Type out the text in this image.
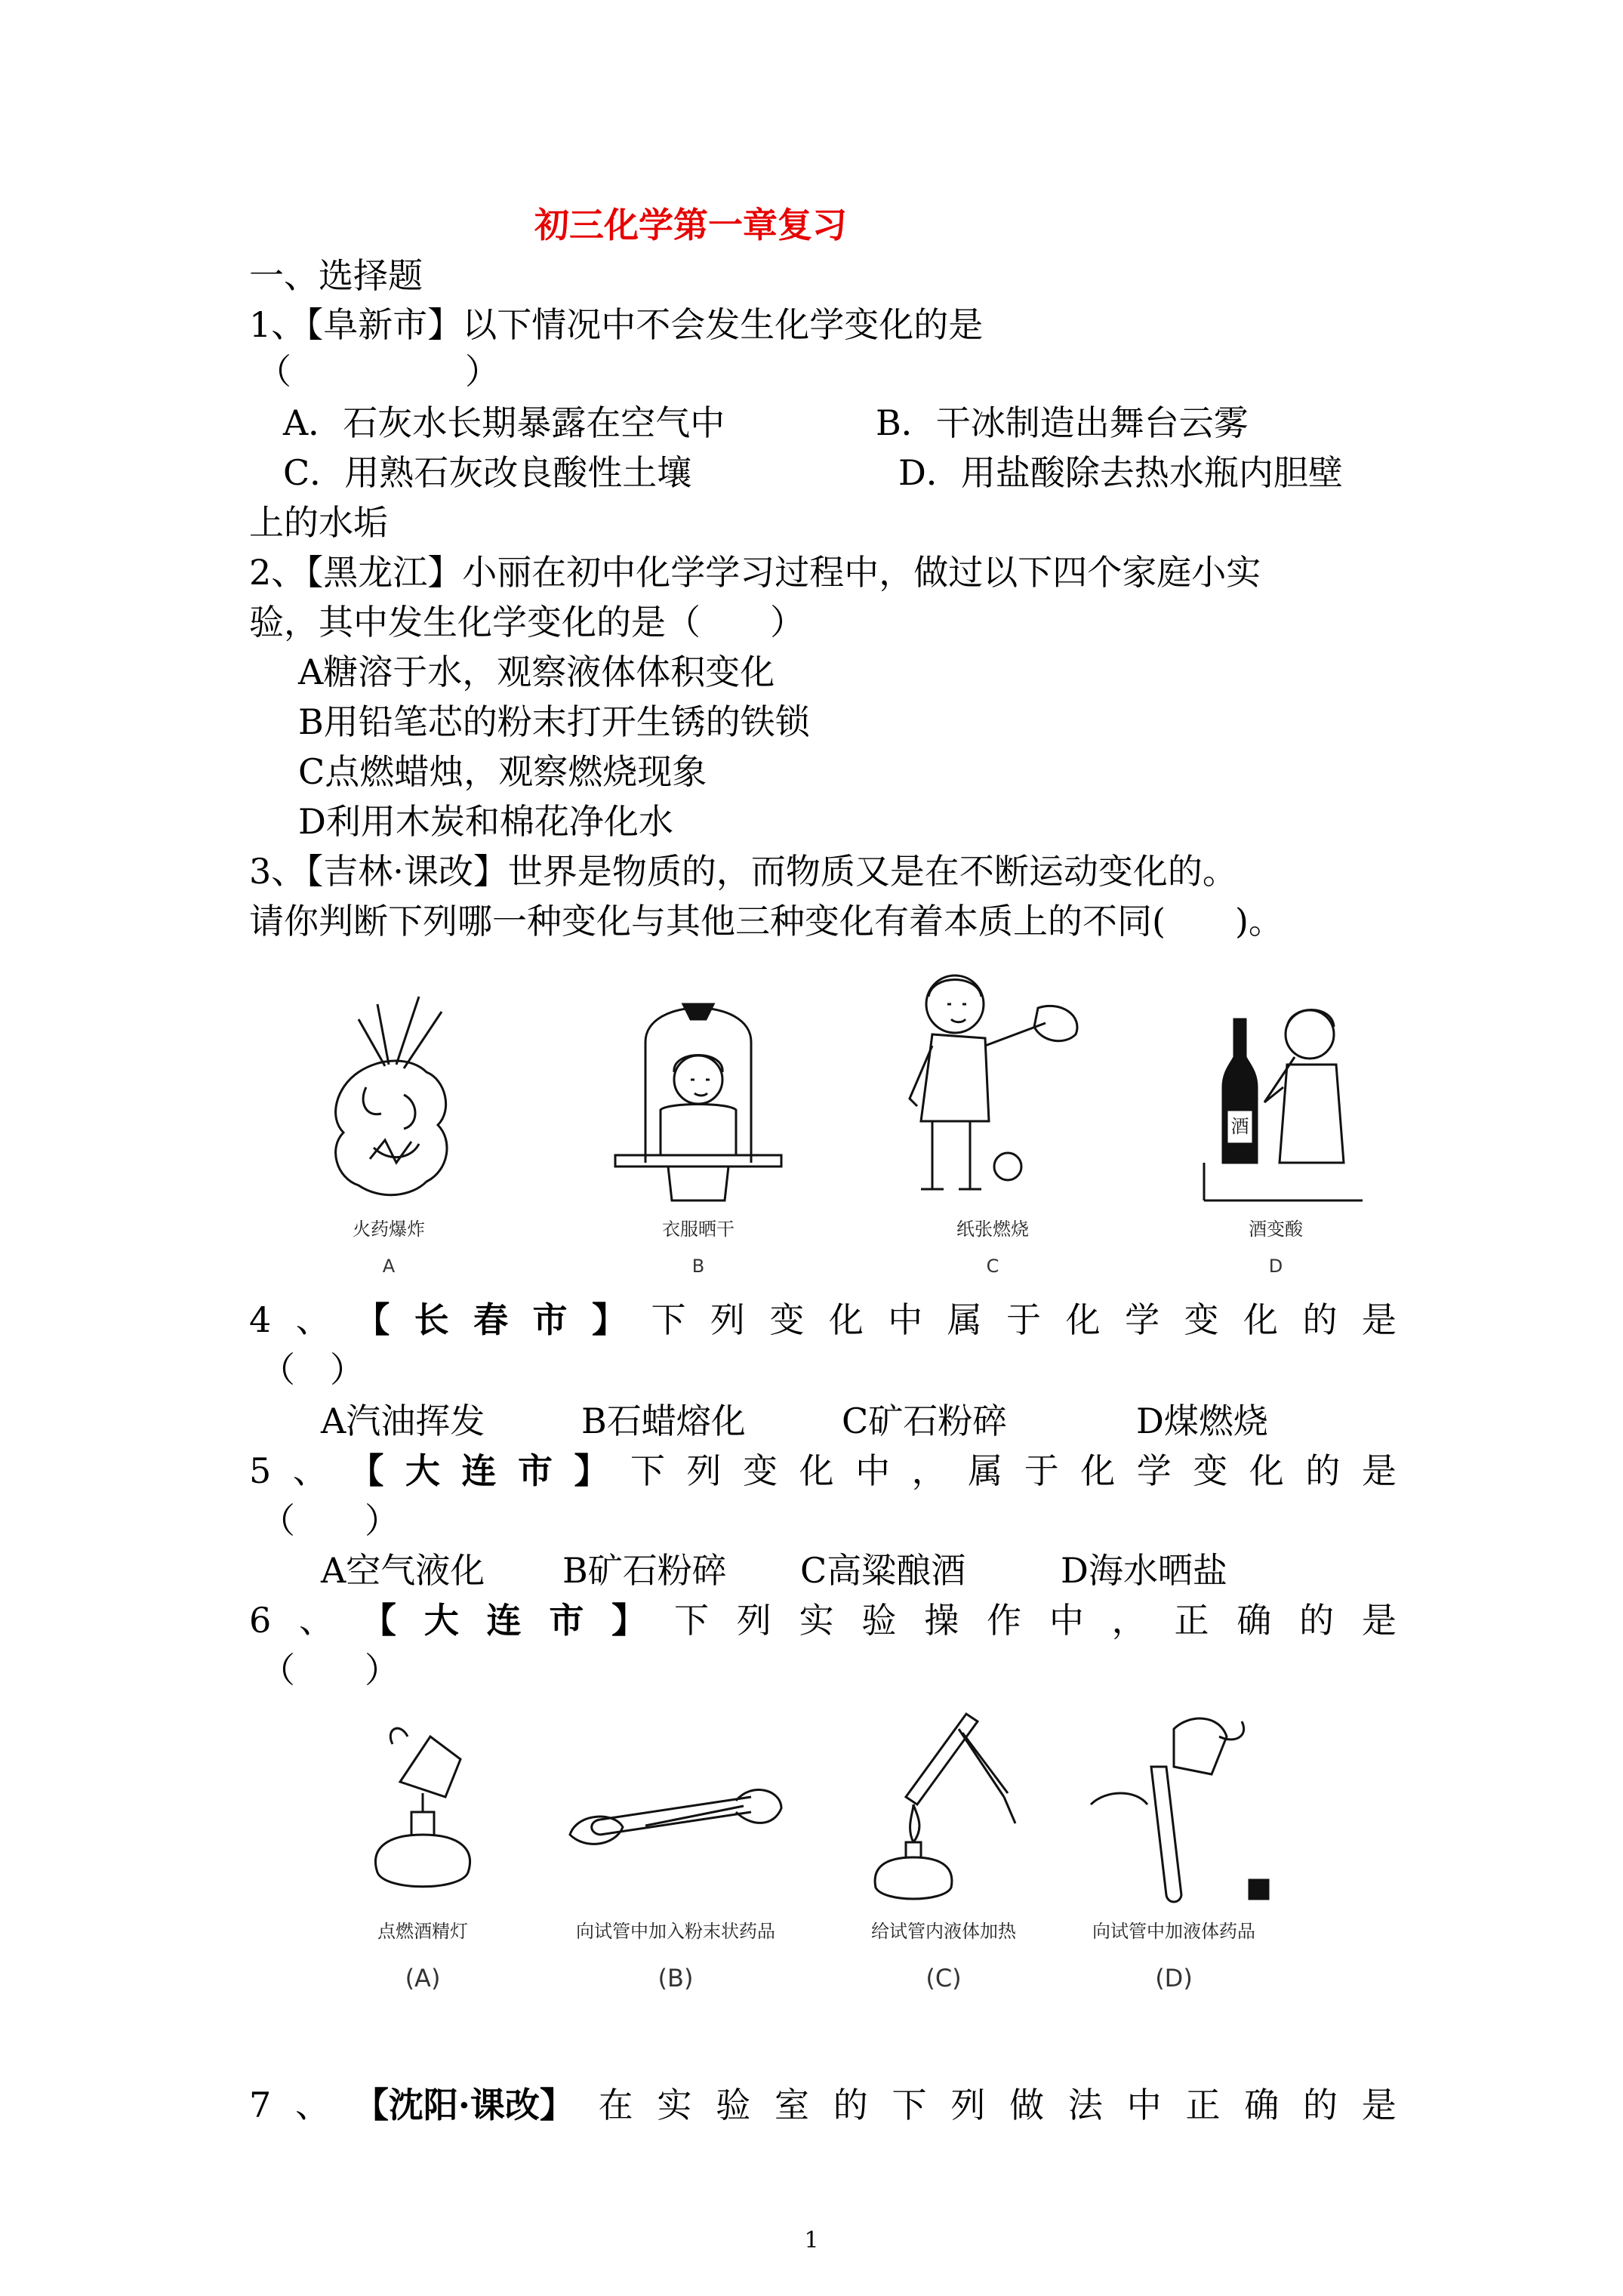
初三化学第一章复习
一、选择题
1、【阜新市】以下情况中不会发生化学变化的是
（　　　　　）
A．石灰水长期暴露在空气中	B．干冰制造出舞台云雾
C．用熟石灰改良酸性土壤	D．用盐酸除去热水瓶内胆壁
上的水垢
2、【黑龙江】小丽在初中化学学习过程中，做过以下四个家庭小实
验，其中发生化学变化的是（　　）
A糖溶于水，观察液体体积变化
B用铅笔芯的粉末打开生锈的铁锁
C点燃蜡烛，观察燃烧现象
D利用木炭和棉花净化水
3、【吉林·课改】世界是物质的，而物质又是在不断运动变化的。
请你判断下列哪一种变化与其他三种变化有着本质上的不同(　　)。
火药爆炸
A
衣服晒干
B
纸张燃烧
C
酒
酒变酸
D
4 、 【 长 春 市 】 下 列 变 化 中 属 于 化 学 变 化 的 是
（　）
A汽油挥发	B石蜡熔化	C矿石粉碎	D煤燃烧
5 、 【 大 连 市 】 下 列 变 化 中 ， 属 于 化 学 变 化 的 是
（　　）
A空气液化 B矿石粉碎 C高粱酿酒	D海水晒盐
6 、 【 大 连 市 】 下 列 实 验 操 作 中 ， 正 确 的 是
（　　）
点燃酒精灯
(A)
向试管中加入粉末状药品
(B)
给试管内液体加热
(C)
向试管中加液体药品
(D)
7 、 【沈阳·课改】 在 实 验 室 的 下 列 做 法 中 正 确 的 是
1
